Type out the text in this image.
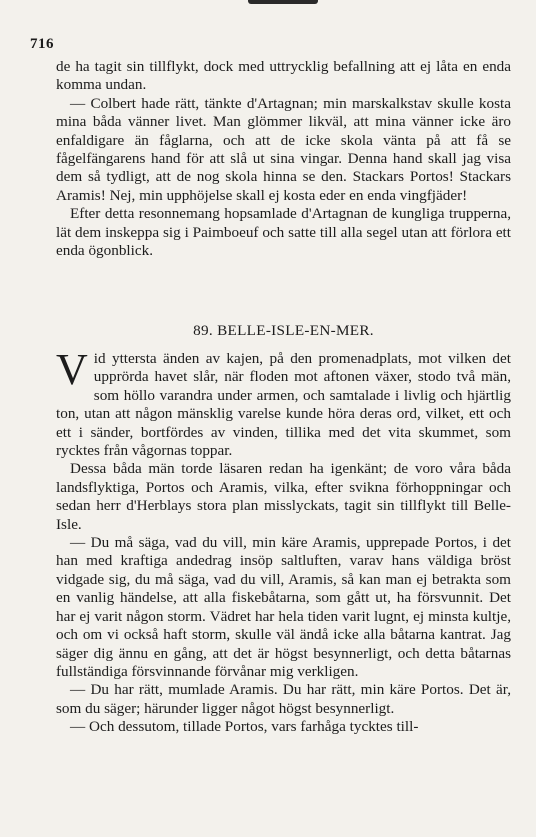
716

de ha tagit sin tillflykt, dock med uttrycklig befallning att ej låta en enda komma undan.

— Colbert hade rätt, tänkte d'Artagnan; min marskalkstav skulle kosta mina båda vänner livet. Man glömmer likväl, att mina vänner icke äro enfaldigare än fåglarna, och att de icke skola vänta på att få se fågelfängarens hand för att slå ut sina vingar. Denna hand skall jag visa dem så tydligt, att de nog skola hinna se den. Stackars Portos! Stackars Aramis! Nej, min upphöjelse skall ej kosta eder en enda vingfjäder!

Efter detta resonnemang hopsamlade d'Artagnan de kungliga trupperna, lät dem inskeppa sig i Paimboeuf och satte till alla segel utan att förlora ett enda ögonblick.

89. BELLE-ISLE-EN-MER.

Vid yttersta änden av kajen, på den promenadplats, mot vilken det upprörda havet slår, när floden mot aftonen växer, stodo två män, som höllo varandra under armen, och samtalade i livlig och hjärtlig ton, utan att någon mänsklig varelse kunde höra deras ord, vilket, ett och ett i sänder, bortfördes av vinden, tillika med det vita skummet, som rycktes från vågornas toppar.

Dessa båda män torde läsaren redan ha igenkänt; de voro våra båda landsflyktiga, Portos och Aramis, vilka, efter svikna förhoppningar och sedan herr d'Herblays stora plan misslyckats, tagit sin tillflykt till Belle-Isle.

— Du må säga, vad du vill, min käre Aramis, upprepade Portos, i det han med kraftiga andedrag insöp saltluften, varav hans väldiga bröst vidgade sig, du må säga, vad du vill, Aramis, så kan man ej betrakta som en vanlig händelse, att alla fiskebåtarna, som gått ut, ha försvunnit. Det har ej varit någon storm. Vädret har hela tiden varit lugnt, ej minsta kultje, och om vi också haft storm, skulle väl ändå icke alla båtarna kantrat. Jag säger dig ännu en gång, att det är högst besynnerligt, och detta båtarnas fullständiga försvinnande förvånar mig verkligen.

— Du har rätt, mumlade Aramis. Du har rätt, min käre Portos. Det är, som du säger; härunder ligger något högst besynnerligt.

— Och dessutom, tillade Portos, vars farhåga tycktes till-
